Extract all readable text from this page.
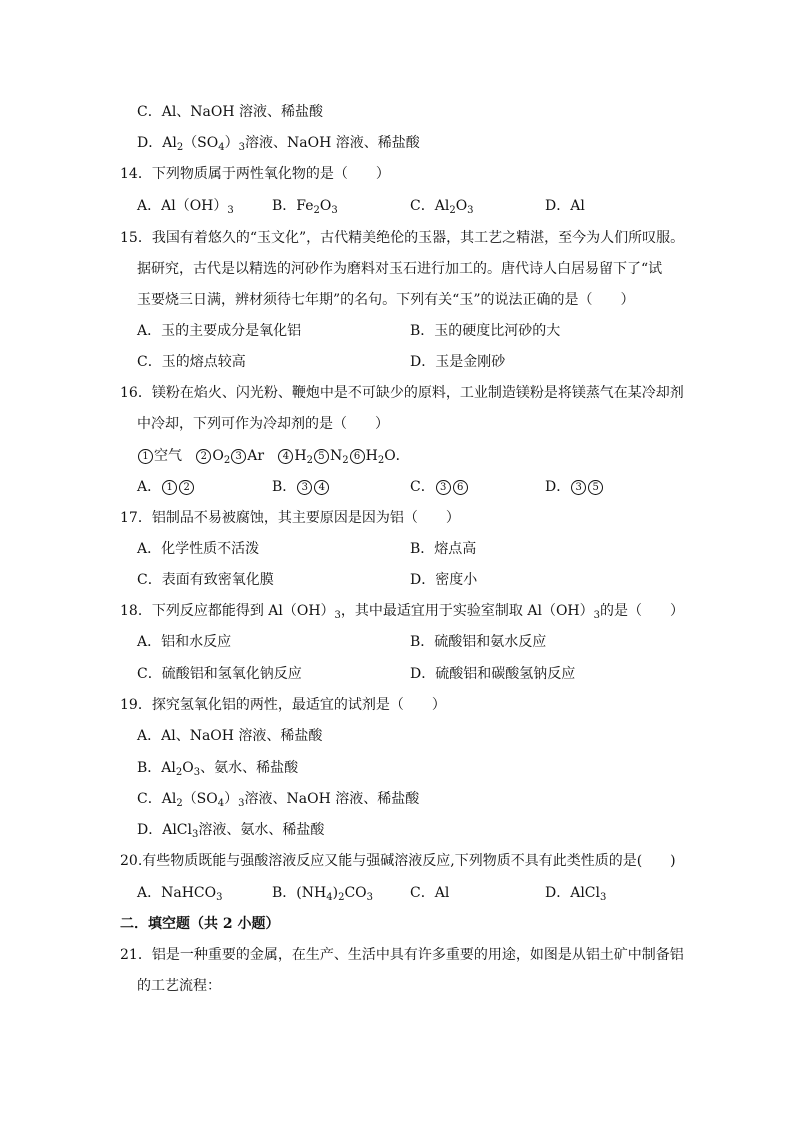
C．Al、NaOH 溶液、稀盐酸
D．$Al_2(SO_4)_3$溶液、NaOH 溶液、稀盐酸
14．下列物质属于两性氧化物的是（　　）
A．$Al(OH)_3$	B．$Fe_2O_3$	C．$Al_2O_3$	D．Al
15．我国有着悠久的“玉文化”，古代精美绝伦的玉器，其工艺之精湛，至今为人们所叹服。
据研究，古代是以精选的河砂作为磨料对玉石进行加工的。唐代诗人白居易留下了“试
玉要烧三日满，辨材须待七年期”的名句。下列有关“玉”的说法正确的是（　　）
A．玉的主要成分是氧化铝	B．玉的硬度比河砂的大
C．玉的熔点较高	D．玉是金刚砂
16．镁粉在焰火、闪光粉、鞭炮中是不可缺少的原料，工业制造镁粉是将镁蒸气在某冷却剂
中冷却，下列可作为冷却剂的是（　　）
1 空气 2 $O_2$ 3 Ar 4 $H_2$ 5 $N_2$ 6 $H_2O$．
A． 1 2	B． 3 4	C． 3 6	D． 3 5
17．铝制品不易被腐蚀，其主要原因是因为铝（　　）
A．化学性质不活泼	B．熔点高
C．表面有致密氧化膜	D．密度小
18．下列反应都能得到 $Al(OH)_3$，其中最适宜用于实验室制取 $Al(OH)_3$的是（　　）
A．铝和水反应	B．硫酸铝和氨水反应
C．硫酸铝和氢氧化钠反应	D．硫酸铝和碳酸氢钠反应
19．探究氢氧化铝的两性，最适宜的试剂是（　　）
A．Al、NaOH 溶液、稀盐酸
B．$Al_2O_3$、氨水、稀盐酸
C．$Al_2(SO_4)_3$溶液、NaOH 溶液、稀盐酸
D．AlCl$_3$溶液、氨水、稀盐酸
20.有些物质既能与强酸溶液反应又能与强碱溶液反应,下列物质不具有此类性质的是(　　)
A．NaHCO$_3$	B．$(NH_4)_2CO_3$	C．Al	D．AlCl$_3$
二．填空题（共 2 小题）
21．铝是一种重要的金属，在生产、生活中具有许多重要的用途，如图是从铝土矿中制备铝
的工艺流程：
